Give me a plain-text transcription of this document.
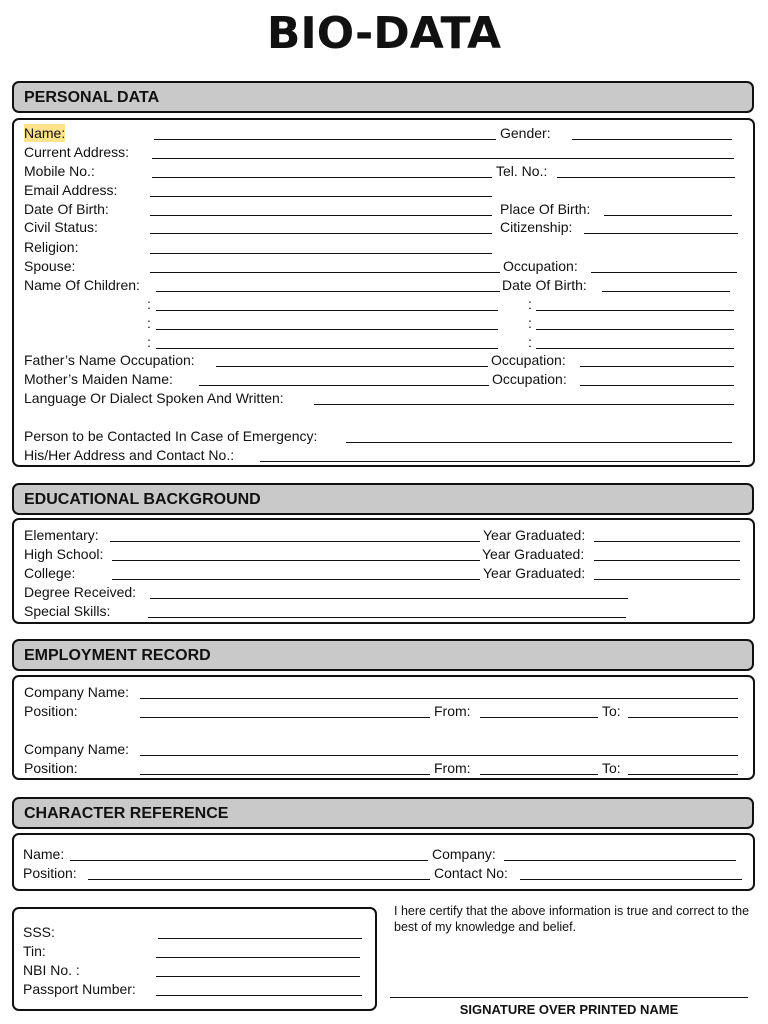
BIO-DATA
PERSONAL DATA
Name:	Gender:
Current Address:
Mobile No.:	Tel. No.:
Email Address:
Date Of Birth:	Place Of Birth:
Civil Status:	Citizenship:
Religion:
Spouse:	Occupation:
Name Of Children:	Date Of Birth:
:	:
:	:
:	:
Father’s Name Occupation:	Occupation:
Mother’s Maiden Name:	Occupation:
Language Or Dialect Spoken And Written:
Person to be Contacted In Case of Emergency:
His/Her Address and Contact No.:
EDUCATIONAL BACKGROUND
Elementary:	Year Graduated:
High School:	Year Graduated:
College:	Year Graduated:
Degree Received:
Special Skills:
EMPLOYMENT RECORD
Company Name:
Position:	From:	To:
Company Name:
Position:	From:	To:
CHARACTER REFERENCE
Name:	Company:
Position:	Contact No:
SSS:
Tin:
NBI No. :
Passport Number:
I here certify that the above information is true and correct to the best of my knowledge and belief.
SIGNATURE OVER PRINTED NAME
